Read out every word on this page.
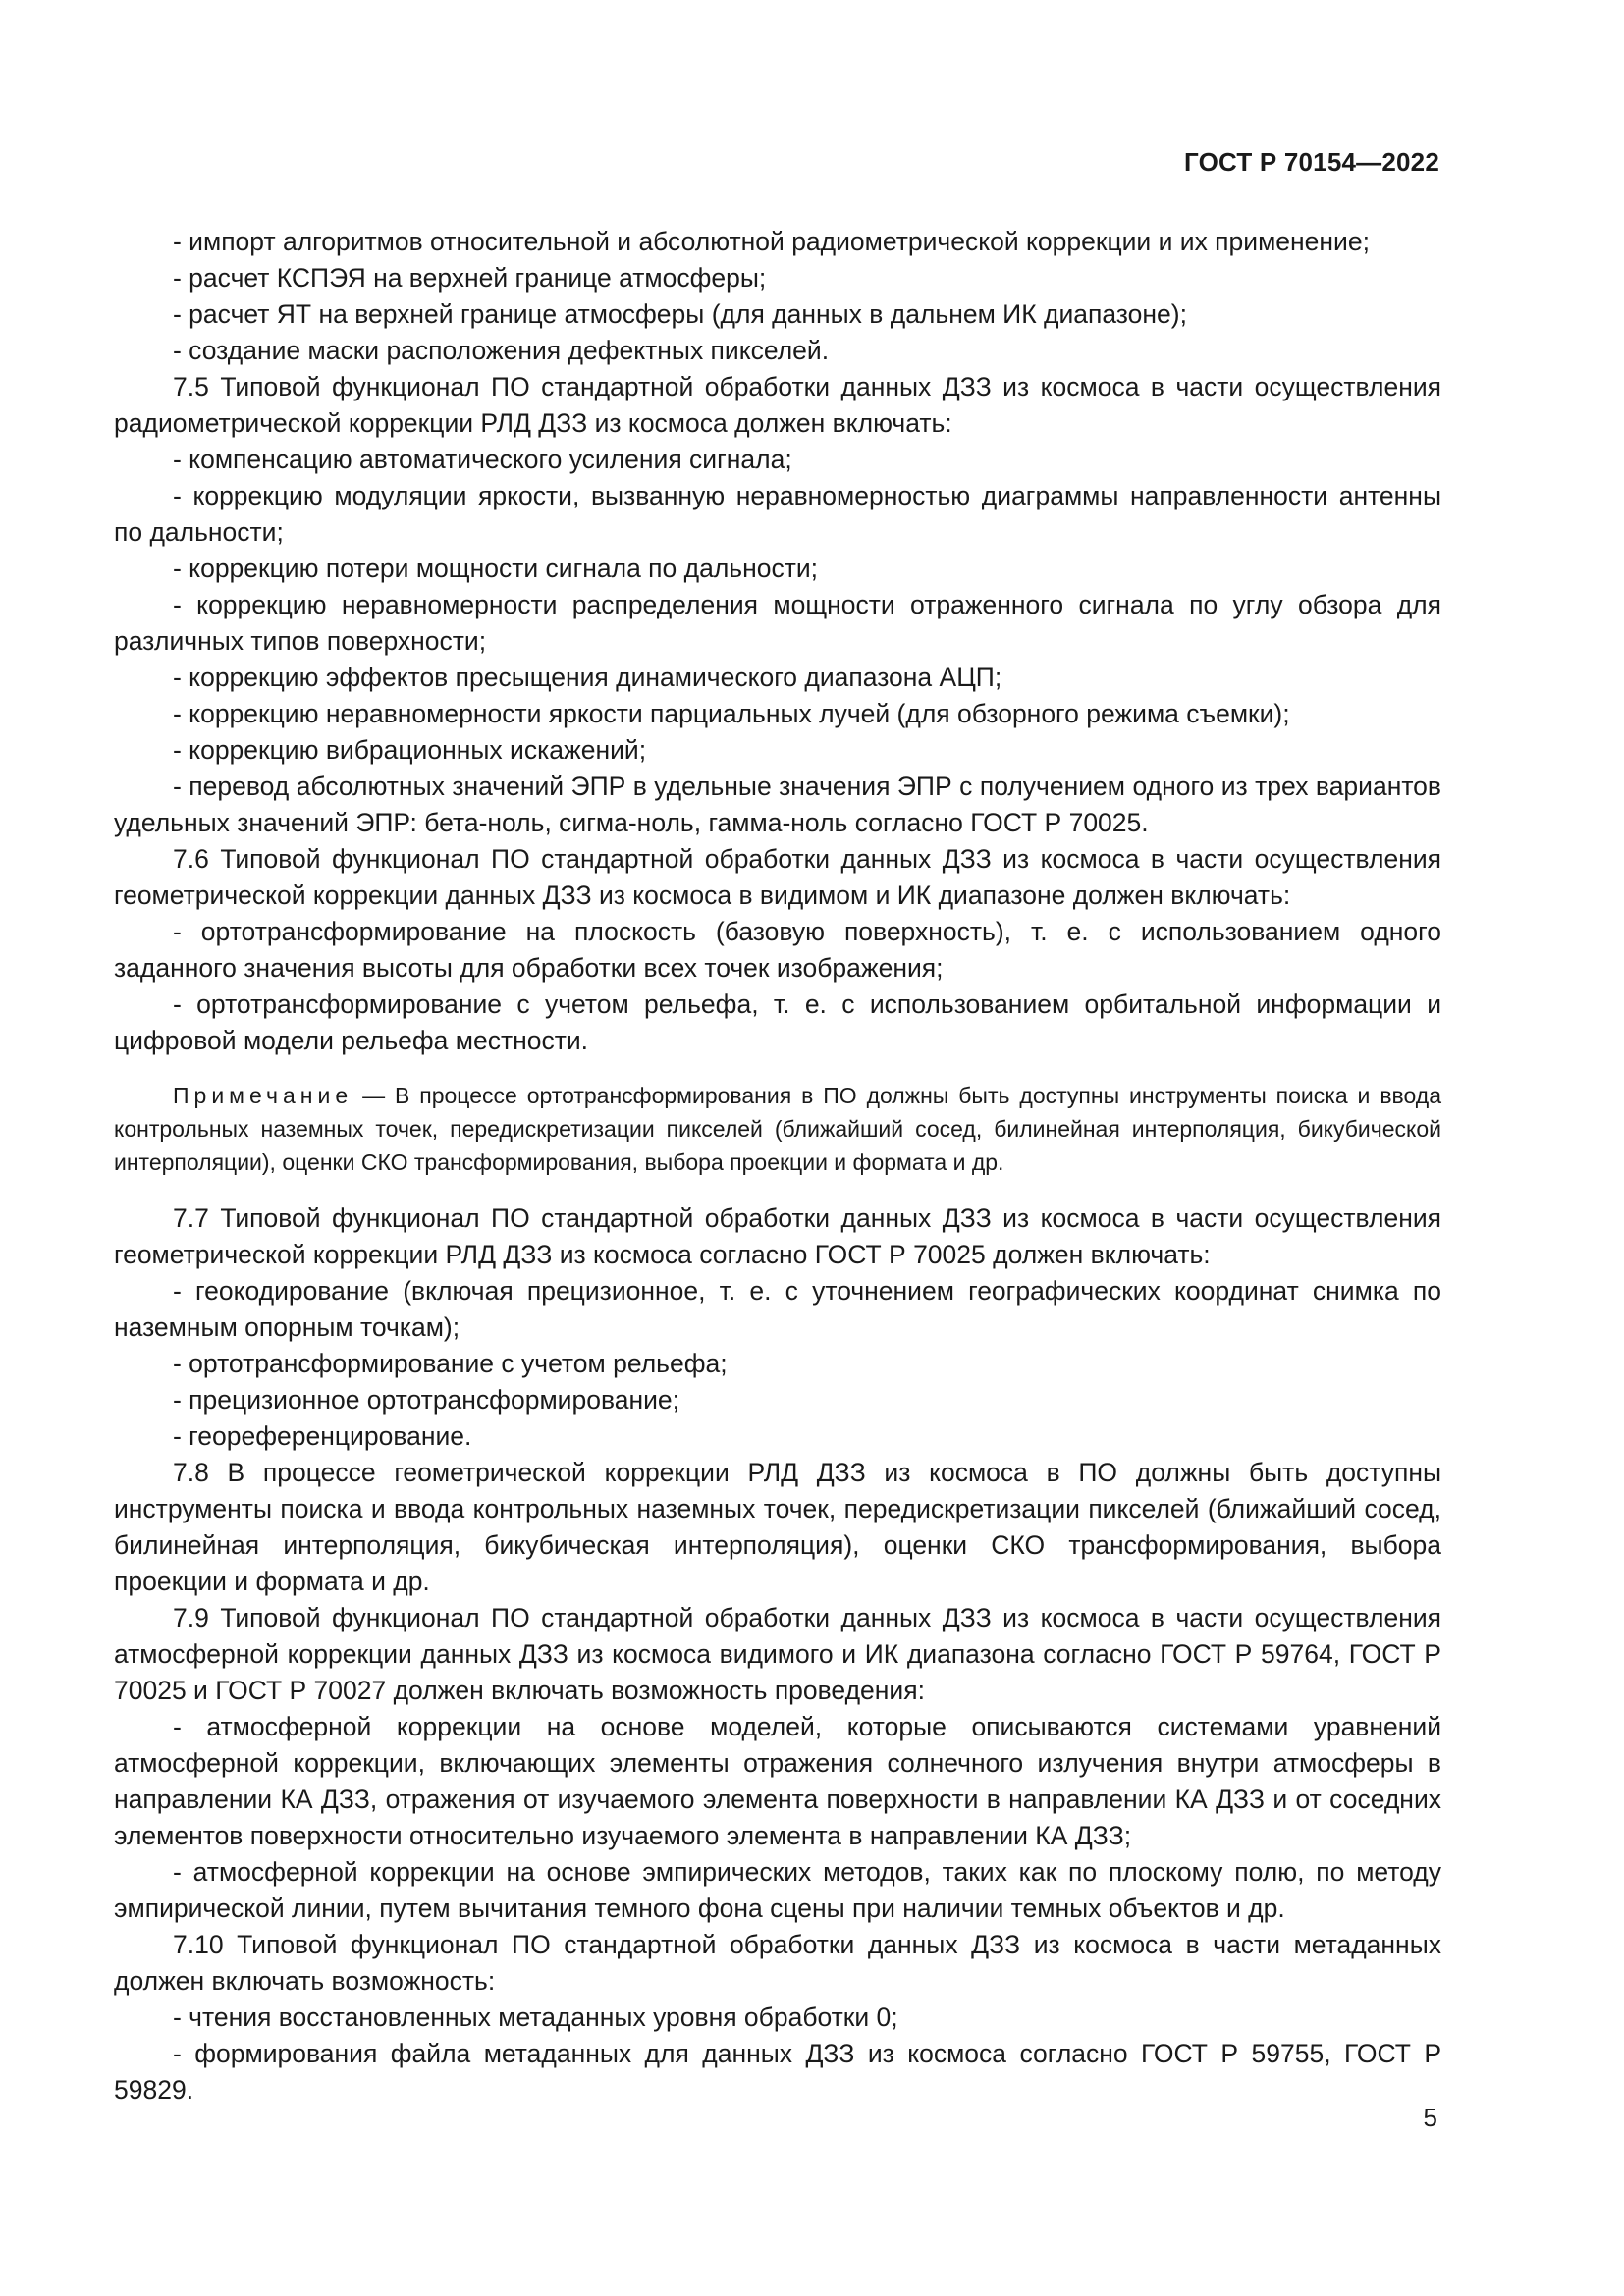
ГОСТ Р 70154—2022

- импорт алгоритмов относительной и абсолютной радиометрической коррекции и их применение;

- расчет КСПЭЯ на верхней границе атмосферы;

- расчет ЯТ на верхней границе атмосферы (для данных в дальнем ИК диапазоне);

- создание маски расположения дефектных пикселей.

7.5 Типовой функционал ПО стандартной обработки данных ДЗЗ из космоса в части осуществления радиометрической коррекции РЛД ДЗЗ из космоса должен включать:

- компенсацию автоматического усиления сигнала;

- коррекцию модуляции яркости, вызванную неравномерностью диаграммы направленности антенны по дальности;

- коррекцию потери мощности сигнала по дальности;

- коррекцию неравномерности распределения мощности отраженного сигнала по углу обзора для различных типов поверхности;

- коррекцию эффектов пресыщения динамического диапазона АЦП;

- коррекцию неравномерности яркости парциальных лучей (для обзорного режима съемки);

- коррекцию вибрационных искажений;

- перевод абсолютных значений ЭПР в удельные значения ЭПР с получением одного из трех вариантов удельных значений ЭПР: бета-ноль, сигма-ноль, гамма-ноль согласно ГОСТ Р 70025.

7.6 Типовой функционал ПО стандартной обработки данных ДЗЗ из космоса в части осуществления геометрической коррекции данных ДЗЗ из космоса в видимом и ИК диапазоне должен включать:

- ортотрансформирование на плоскость (базовую поверхность), т. е. с использованием одного заданного значения высоты для обработки всех точек изображения;

- ортотрансформирование с учетом рельефа, т. е. с использованием орбитальной информации и цифровой модели рельефа местности.

Примечание — В процессе ортотрансформирования в ПО должны быть доступны инструменты поиска и ввода контрольных наземных точек, передискретизации пикселей (ближайший сосед, билинейная интерполяция, бикубической интерполяции), оценки СКО трансформирования, выбора проекции и формата и др.

7.7 Типовой функционал ПО стандартной обработки данных ДЗЗ из космоса в части осуществления геометрической коррекции РЛД ДЗЗ из космоса согласно ГОСТ Р 70025 должен включать:

- геокодирование (включая прецизионное, т. е. с уточнением географических координат снимка по наземным опорным точкам);

- ортотрансформирование с учетом рельефа;

- прецизионное ортотрансформирование;

- геореференцирование.

7.8 В процессе геометрической коррекции РЛД ДЗЗ из космоса в ПО должны быть доступны инструменты поиска и ввода контрольных наземных точек, передискретизации пикселей (ближайший сосед, билинейная интерполяция, бикубическая интерполяция), оценки СКО трансформирования, выбора проекции и формата и др.

7.9 Типовой функционал ПО стандартной обработки данных ДЗЗ из космоса в части осуществления атмосферной коррекции данных ДЗЗ из космоса видимого и ИК диапазона согласно ГОСТ Р 59764, ГОСТ Р 70025 и ГОСТ Р 70027 должен включать возможность проведения:

- атмосферной коррекции на основе моделей, которые описываются системами уравнений атмосферной коррекции, включающих элементы отражения солнечного излучения внутри атмосферы в направлении КА ДЗЗ, отражения от изучаемого элемента поверхности в направлении КА ДЗЗ и от соседних элементов поверхности относительно изучаемого элемента в направлении КА ДЗЗ;

- атмосферной коррекции на основе эмпирических методов, таких как по плоскому полю, по методу эмпирической линии, путем вычитания темного фона сцены при наличии темных объектов и др.

7.10 Типовой функционал ПО стандартной обработки данных ДЗЗ из космоса в части метаданных должен включать возможность:

- чтения восстановленных метаданных уровня обработки 0;

- формирования файла метаданных для данных ДЗЗ из космоса согласно ГОСТ Р 59755, ГОСТ Р 59829.

5
